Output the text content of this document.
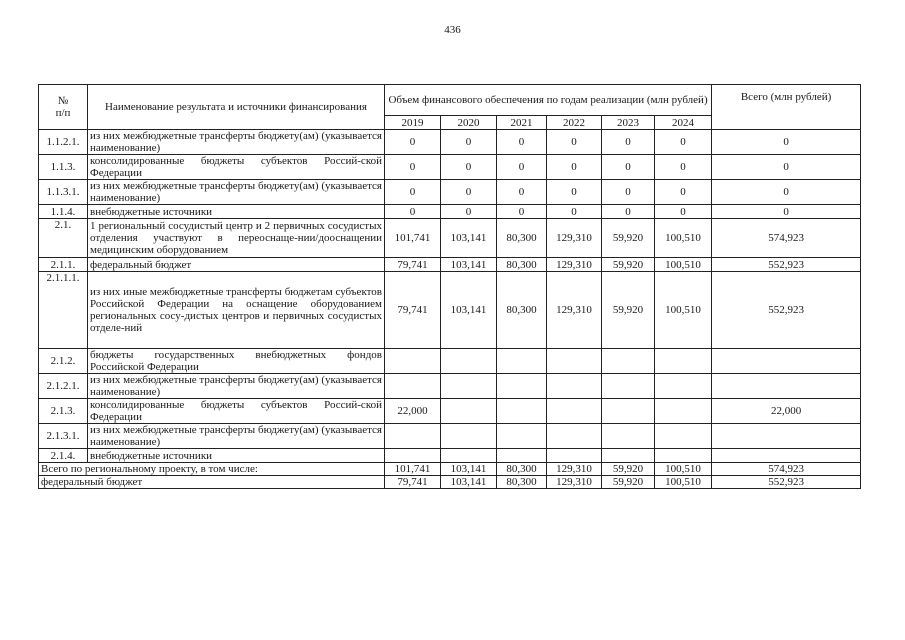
436
№
п/п	Наименование результата и источники финансирования	Объем финансового обеспечения по годам реализации (млн рублей)						Всего (млн рублей)
		2019	2020	2021	2022	2023	2024	
1.1.2.1.	из них межбюджетные трансферты бюджету(ам) (указывается наименование)	0	0	0	0	0	0	0
1.1.3.	консолидированные бюджеты субъектов Россий-ской Федерации	0	0	0	0	0	0	0
1.1.3.1.	из них межбюджетные трансферты бюджету(ам) (указывается наименование)	0	0	0	0	0	0	0
1.1.4.	внебюджетные источники	0	0	0	0	0	0	0
2.1.	1 региональный сосудистый центр и 2 первичных сосудистых отделения участвуют в переоснаще-нии/дооснащении медицинским оборудованием	101,741	103,141	80,300	129,310	59,920	100,510	574,923
2.1.1.	федеральный бюджет	79,741	103,141	80,300	129,310	59,920	100,510	552,923
2.1.1.1.	из них иные межбюджетные трансферты бюджетам субъектов Российской Федерации на оснащение оборудованием региональных сосу-дистых центров и первичных сосудистых отделе-ний	79,741	103,141	80,300	129,310	59,920	100,510	552,923
2.1.2.	бюджеты государственных внебюджетных фондов Российской Федерации							
2.1.2.1.	из них межбюджетные трансферты бюджету(ам) (указывается наименование)							
2.1.3.	консолидированные бюджеты субъектов Россий-ской Федерации	22,000						22,000
2.1.3.1.	из них межбюджетные трансферты бюджету(ам) (указывается наименование)							
2.1.4.	внебюджетные источники							
Всего по региональному проекту, в том числе:		101,741	103,141	80,300	129,310	59,920	100,510	574,923
федеральный бюджет		79,741	103,141	80,300	129,310	59,920	100,510	552,923
